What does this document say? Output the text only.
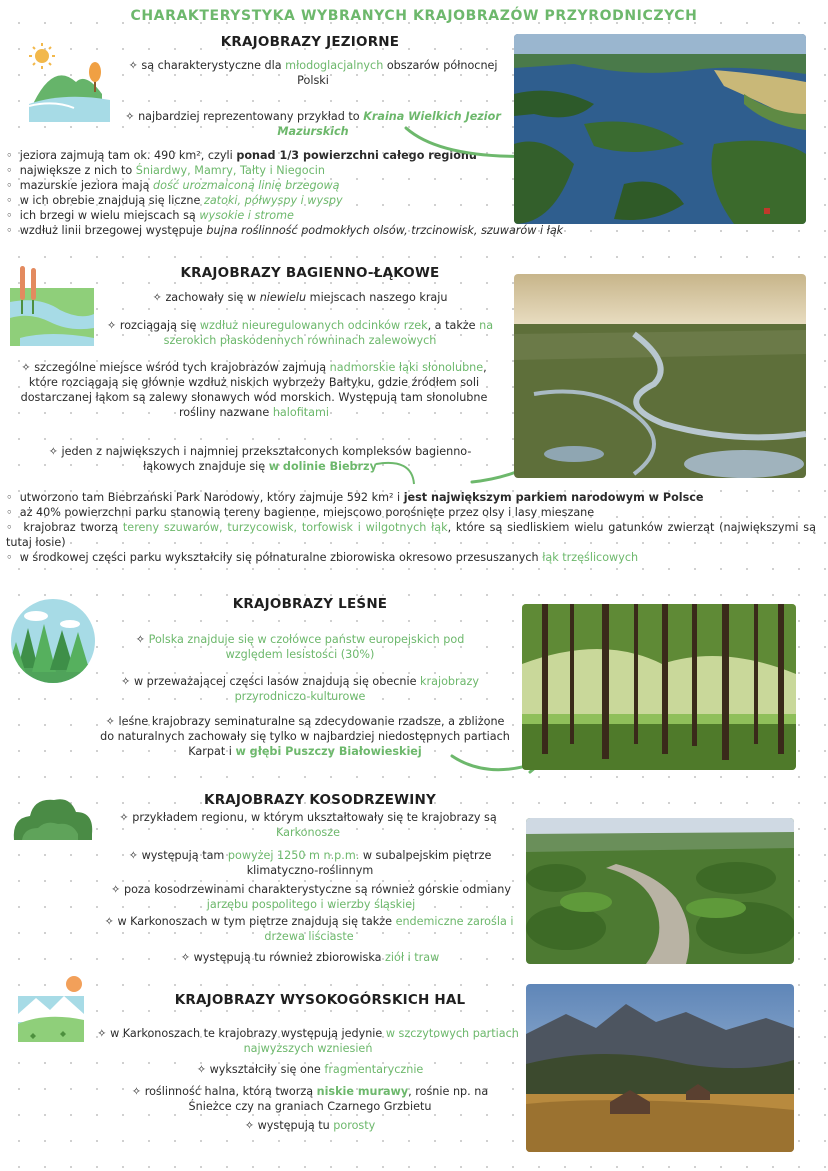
CHARAKTERYSTYKA WYBRANYCH KRAJOBRAZÓW PRZYRODNICZYCH
KRAJOBRAZY JEZIORNE
✧ są charakterystyczne dla młodoglacjalnych obszarów północnej Polski
✧ najbardziej reprezentowany przykład to Kraina Wielkich Jezior Mazurskich
◦  jeziora zajmują tam ok. 490 km², czyli ponad 1/3 powierzchni całego regionu
◦  największe z nich to Śniardwy, Mamry, Tałty i Niegocin
◦  mazurskie jeziora mają dość urozmaiconą linię brzegową
◦  w ich obrebie znajdują się liczne zatoki, półwyspy i wyspy
◦  ich brzegi w wielu miejscach są wysokie i strome
◦  wzdłuż linii brzegowej występuje bujna roślinność podmokłych olsów, trzcinowisk, szuwarów i łąk
KRAJOBRAZY BAGIENNO-ŁĄKOWE
✧ zachowały się w niewielu miejscach naszego kraju
✧ rozciągają się wzdłuż nieuregulowanych odcinków rzek, a także na szerokich płaskodennych równinach zalewowych
✧ szczególne miejsce wśród tych krajobrazów zajmują nadmorskie łąki słonolubne, które rozciągają się głównie wzdłuż niskich wybrzeży Bałtyku, gdzie źródłem soli dostarczanej łąkom są zalewy słonawych wód morskich. Występują tam słonolubne rośliny nazwane halofitami
✧ jeden z największych i najmniej przekształconych kompleksów bagienno-łąkowych znajduje się w dolinie Biebrzy
◦  utworzono tam Biebrzański Park Narodowy, który zajmuje 592 km² i jest największym parkiem narodowym w Polsce
◦  aż 40% powierzchni parku stanowią tereny bagienne, miejscowo porośnięte przez olsy i lasy mieszane
◦  krajobraz tworzą tereny szuwarów, turzycowisk, torfowisk i wilgotnych łąk, które są siedliskiem wielu gatunków zwierząt (największymi są tutaj łosie)
◦  w środkowej części parku wykształciły się półnaturalne zbiorowiska okresowo przesuszanych łąk trzęślicowych
KRAJOBRAZY LEŚNE
✧ Polska znajduje się w czołówce państw europejskich pod względem lesistości (30%)
✧ w przeważającej części lasów znajdują się obecnie krajobrazy przyrodniczo-kulturowe
✧ leśne krajobrazy seminaturalne są zdecydowanie rzadsze, a zbliżone do naturalnych zachowały się tylko w najbardziej niedostępnych partiach Karpat i w głębi Puszczy Białowieskiej
KRAJOBRAZY KOSODRZEWINY
✧ przykładem regionu, w którym ukształtowały się te krajobrazy są Karkonosze
✧ występują tam powyżej 1250 m n.p.m. w subalpejskim piętrze klimatyczno-roślinnym
✧ poza kosodrzewinami charakterystyczne są również górskie odmiany jarzębu pospolitego i wierzby śląskiej
✧ w Karkonoszach w tym piętrze znajdują się także endemiczne zarośla i drzewa liściaste
✧ występują tu również zbiorowiska ziół i traw
KRAJOBRAZY WYSOKOGÓRSKICH HAL
✧ w Karkonoszach te krajobrazy występują jedynie w szczytowych partiach najwyższych wzniesień
✧ wykształciły się one fragmentarycznie
✧ roślinność halna, którą tworzą niskie murawy, rośnie np. na Śnieżce czy na graniach Czarnego Grzbietu
✧ występują tu porosty
